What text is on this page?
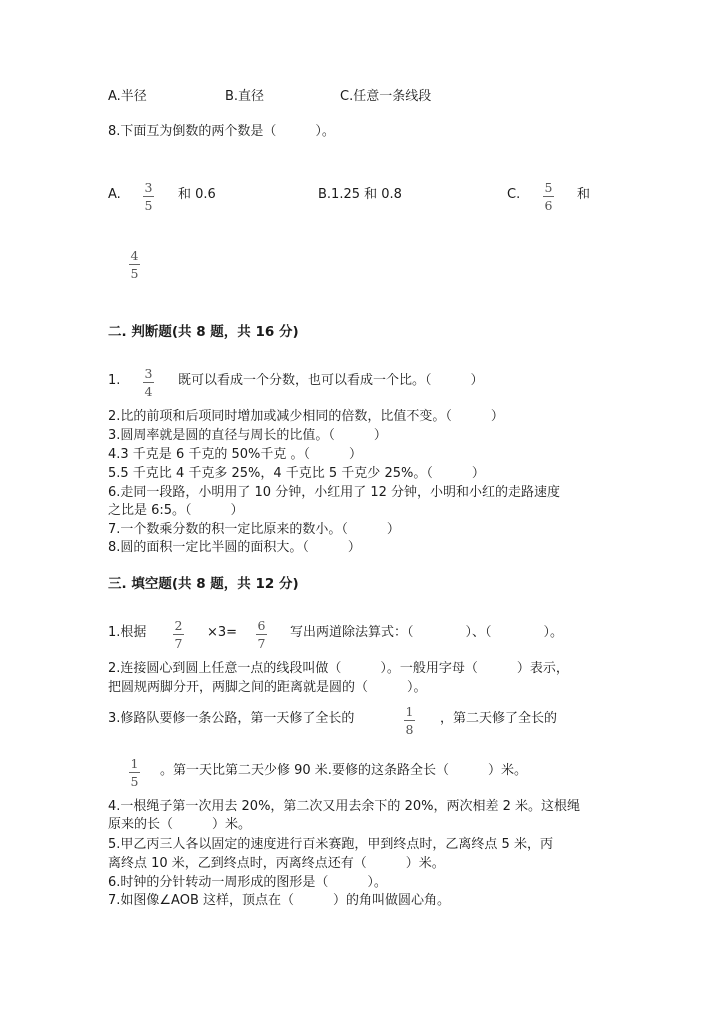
A.半径	B.直径	C.任意一条线段
8.下面互为倒数的两个数是（　　　）。
A. 3
5
和 0.6	B.1.25 和 0.8	C. 5
6
和
4
5
二. 判断题(共 8 题，共 16 分)
1. 3
4
既可以看成一个分数，也可以看成一个比。（　　　）
2.比的前项和后项同时增加或减少相同的倍数，比值不变。（　　　）
3.圆周率就是圆的直径与周长的比值。（　　　）
4.3 千克是 6 千克的 50%千克 。（　　　）
5.5 千克比 4 千克多 25%，4 千克比 5 千克少 25%。（　　　）
6.走同一段路，小明用了 10 分钟，小红用了 12 分钟，小明和小红的走路速度
之比是 6:5。（　　　）
7.一个数乘分数的积一定比原来的数小。（　　　）
8.圆的面积一定比半圆的面积大。（　　　）
三. 填空题(共 8 题，共 12 分)
1.根据 2
7
×3= 6
7
写出两道除法算式：（　　　　）、（　　　　）。
2.连接圆心到圆上任意一点的线段叫做（　　　）。一般用字母（　　　）表示，
把圆规两脚分开，两脚之间的距离就是圆的（　　　）。
3.修路队要修一条公路，第一天修了全长的	1
8
，第二天修了全长的
1
5
。第一天比第二天少修 90 米.要修的这条路全长（　　　）米。
4.一根绳子第一次用去 20%，第二次又用去余下的 20%，两次相差 2 米。这根绳
原来的长（　　　）米。
5.甲乙丙三人各以固定的速度进行百米赛跑，甲到终点时，乙离终点 5 米，丙
离终点 10 米，乙到终点时，丙离终点还有（　　　）米。
6.时钟的分针转动一周形成的图形是（　　　）。
7.如图像∠AOB 这样，顶点在（　　　）的角叫做圆心角。
